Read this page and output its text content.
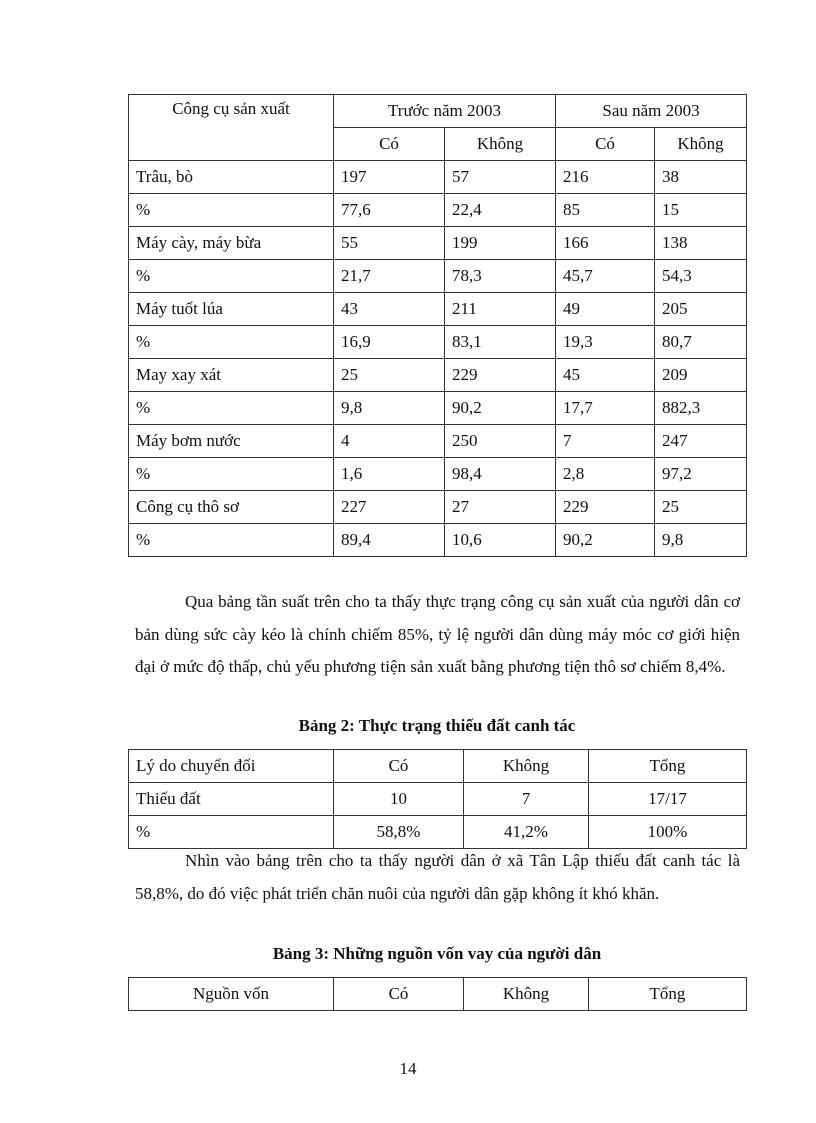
Công cụ sản xuất	Trước năm 2003		Sau năm 2003	
	Có	Không	Có	Không
Trâu, bò	197	57	216	38
%	77,6	22,4	85	15
Máy cày, máy bừa	55	199	166	138
%	21,7	78,3	45,7	54,3
Máy tuốt lúa	43	211	49	205
%	16,9	83,1	19,3	80,7
May xay xát	25	229	45	209
%	9,8	90,2	17,7	882,3
Máy bơm nước	4	250	7	247
%	1,6	98,4	2,8	97,2
Công cụ thô sơ	227	27	229	25
%	89,4	10,6	90,2	9,8

Qua bảng tần suất trên cho ta thấy thực trạng công cụ sản xuất của người dân cơ bản dùng sức cày kéo là chính chiếm 85%, tỷ lệ người dân dùng máy móc cơ giới hiện đại ở mức độ thấp, chủ yếu phương tiện sản xuất bằng phương tiện thô sơ chiếm 8,4%.

Bảng 2: Thực trạng thiếu đất canh tác

Lý do chuyển đổi	Có	Không	Tổng
Thiếu đất	10	7	17/17
%	58,8%	41,2%	100%

Nhìn vào bảng trên cho ta thấy người dân ở xã Tân Lập thiếu đất canh tác là 58,8%, do đó việc phát triển chăn nuôi của người dân gặp không ít khó khăn.

Bảng 3: Những nguồn vốn vay của người dân

Nguồn vốn	Có	Không	Tổng
14
